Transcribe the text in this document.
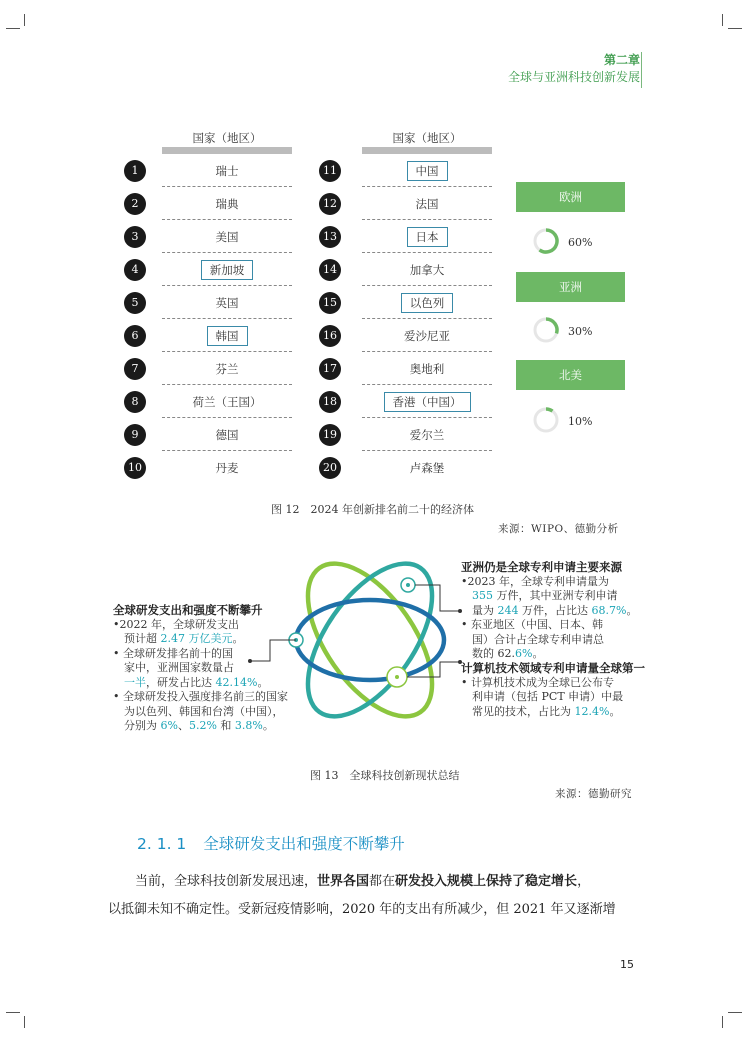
第二章
全球与亚洲科技创新发展
国家（地区）	国家（地区）
1	瑞士
2	瑞典
3	美国
4	新加坡
5	英国
6	韩国
7	芬兰
8	荷兰（王国）
9	德国
10	丹麦
11	中国
12	法国
13	日本
14	加拿大
15	以色列
16	爱沙尼亚
17	奥地利
18	香港（中国）
19	爱尔兰
20	卢森堡
欧洲
60%
亚洲
30%
北美
10%
图 12　2024 年创新排名前二十的经济体
来源：WIPO、德勤分析
全球研发支出和强度不断攀升
•2022 年，全球研发支出
　预计超 2.47 万亿美元。
• 全球研发排名前十的国
　家中，亚洲国家数量占
　一半，研发占比达 42.14%。
• 全球研发投入强度排名前三的国家
　为以色列、韩国和台湾（中国），
　分别为 6%、5.2% 和 3.8%。
亚洲仍是全球专利申请主要来源
•2023 年，全球专利申请量为
　355 万件，其中亚洲专利申请
　量为 244 万件，占比达 68.7%。
• 东亚地区（中国、日本、韩
　国）合计占全球专利申请总
　数的 62.6%。
计算机技术领域专利申请量全球第一
• 计算机技术成为全球已公布专
　利申请（包括 PCT 申请）中最
　常见的技术，占比为 12.4%。
图 13　全球科技创新现状总结
来源：德勤研究
2. 1. 1 全球研发支出和强度不断攀升
当前，全球科技创新发展迅速，世界各国都在研发投入规模上保持了稳定增长，
以抵御未知不确定性。受新冠疫情影响，2020 年的支出有所减少，但 2021 年又逐渐增
15
